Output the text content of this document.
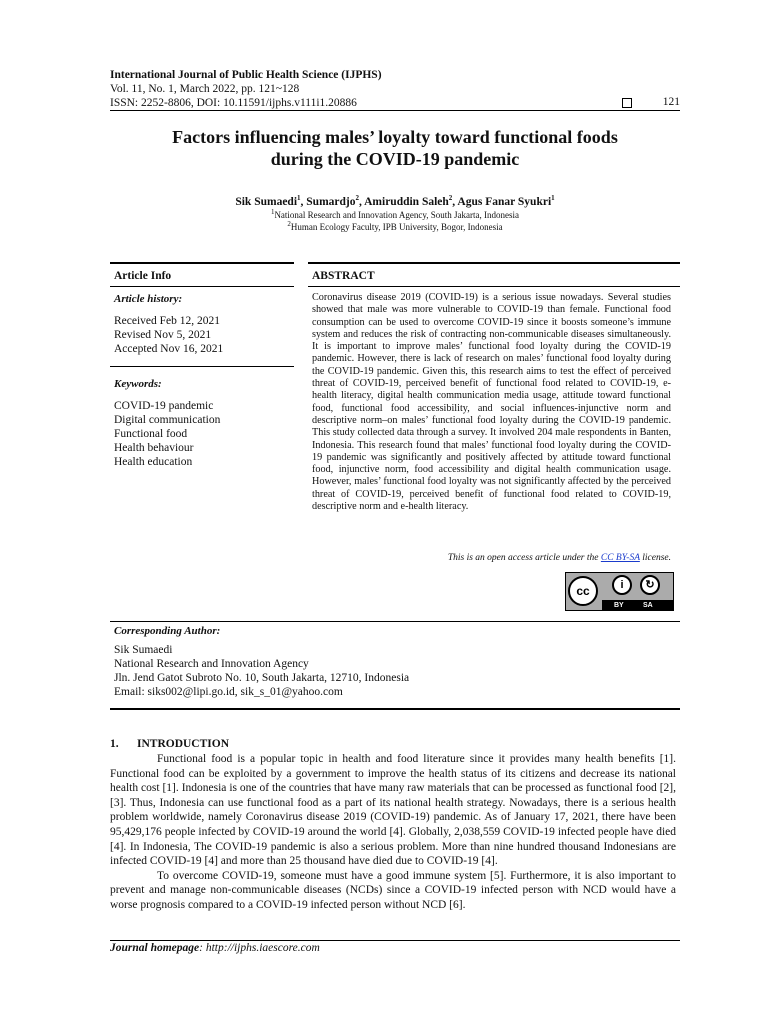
International Journal of Public Health Science (IJPHS)
Vol. 11, No. 1, March 2022, pp. 121~128
ISSN: 2252-8806, DOI: 10.11591/ijphs.v111i1.20886	121
Factors influencing males’ loyalty toward functional foods
during the COVID-19 pandemic
Sik Sumaedi$^1$, Sumardjo$^2$, Amiruddin Saleh$^2$, Agus Fanar Syukri$^1$
$^1$National Research and Innovation Agency, South Jakarta, Indonesia
$^2$Human Ecology Faculty, IPB University, Bogor, Indonesia
Article Info	ABSTRACT
Article history:
Received Feb 12, 2021
Revised Nov 5, 2021
Accepted Nov 16, 2021
Keywords:
COVID-19 pandemic
Digital communication
Functional food
Health behaviour
Health education
Coronavirus disease 2019 (COVID-19) is a serious issue nowadays. Several studies showed that male was more vulnerable to COVID-19 than female. Functional food consumption can be used to overcome COVID-19 since it boosts someone’s immune system and reduces the risk of contracting non-communicable diseases simultaneously. It is important to improve males’ functional food loyalty during the COVID-19 pandemic. However, there is lack of research on males’ functional food loyalty during the COVID-19 pandemic. Given this, this research aims to test the effect of perceived threat of COVID-19, perceived benefit of functional food related to COVID-19, e-health literacy, digital health communication media usage, attitude toward functional food, functional food accessibility, and social influences-injunctive norm and descriptive norm–on males’ functional food loyalty during the COVID-19 pandemic. This study collected data through a survey. It involved 204 male respondents in Banten, Indonesia. This research found that males’ functional food loyalty during the COVID-19 pandemic was significantly and positively affected by attitude toward functional food, injunctive norm, food accessibility and digital health communication usage. However, males’ functional food loyalty was not significantly affected by the perceived threat of COVID-19, perceived benefit of functional food related to COVID-19, descriptive norm and e-health literacy.
This is an open access article under the CC BY-SA license.
cc	i	↻
BY	SA
Corresponding Author:
Sik Sumaedi
National Research and Innovation Agency
Jln. Jend Gatot Subroto No. 10, South Jakarta, 12710, Indonesia
Email: siks002@lipi.go.id, sik_s_01@yahoo.com
1. INTRODUCTION

Functional food is a popular topic in health and food literature since it provides many health benefits [1]. Functional food can be exploited by a government to improve the health status of its citizens and decrease its national health cost [1]. Indonesia is one of the countries that have many raw materials that can be processed as functional food [2], [3]. Thus, Indonesia can use functional food as a part of its national health strategy. Nowadays, there is a serious health problem worldwide, namely Coronavirus disease 2019 (COVID-19) pandemic. As of January 17, 2021, there have been 95,429,176 people infected by COVID-19 around the world [4]. Globally, 2,038,559 COVID-19 infected people have died [4]. In Indonesia, The COVID-19 pandemic is also a serious problem. More than nine hundred thousand Indonesians are infected COVID-19 [4] and more than 25 thousand have died due to COVID-19 [4].

To overcome COVID-19, someone must have a good immune system [5]. Furthermore, it is also important to prevent and manage non-communicable diseases (NCDs) since a COVID-19 infected person with NCD would have a worse prognosis compared to a COVID-19 infected person without NCD [6].

Journal homepage: http://ijphs.iaescore.com
